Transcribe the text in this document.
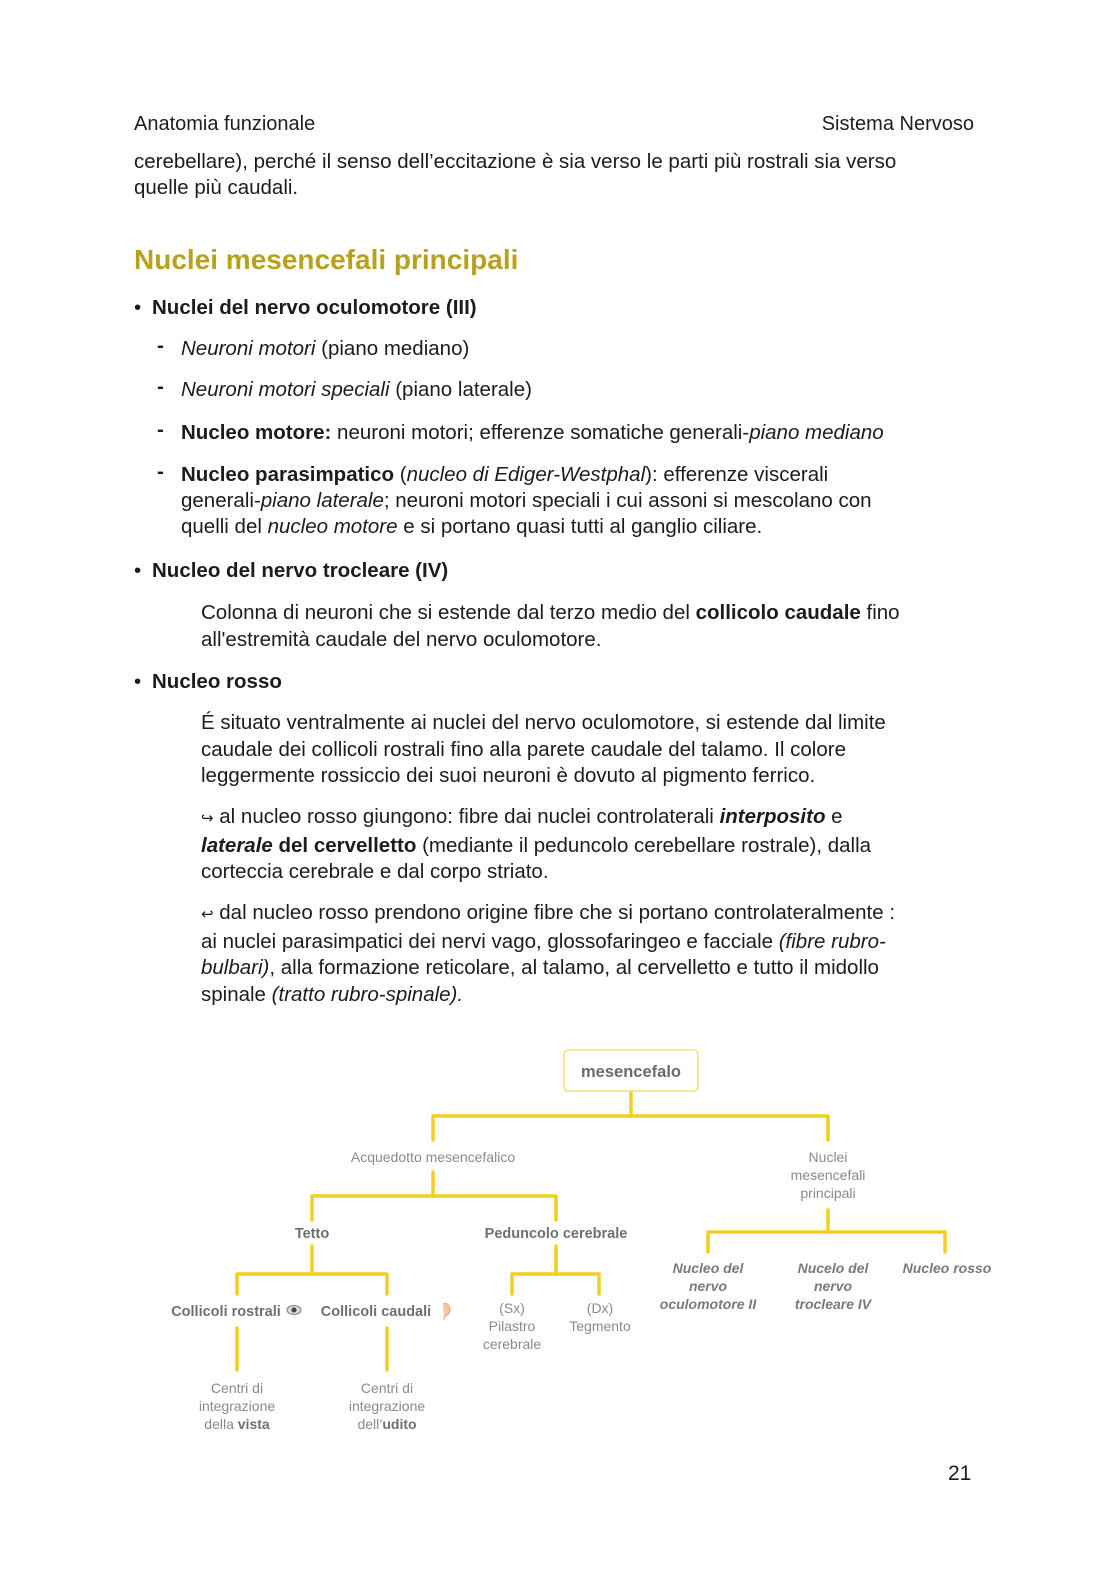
Anatomia funzionale	Sistema Nervoso
cerebellare), perché il senso dell’eccitazione è sia verso le parti più rostrali sia verso
quelle più caudali.
Nuclei mesencefali principali
• Nuclei del nervo oculomotore (III)
- Neuroni motori (piano mediano)
- Neuroni motori speciali (piano laterale)
- Nucleo motore: neuroni motori; efferenze somatiche generali-piano mediano
- Nucleo parasimpatico (nucleo di Ediger-Westphal): efferenze viscerali
generali-piano laterale; neuroni motori speciali i cui assoni si mescolano con
quelli del nucleo motore e si portano quasi tutti al ganglio ciliare.
• Nucleo del nervo trocleare (IV)
Colonna di neuroni che si estende dal terzo medio del collicolo caudale fino
all'estremità caudale del nervo oculomotore.
• Nucleo rosso
É situato ventralmente ai nuclei del nervo oculomotore, si estende dal limite
caudale dei collicoli rostrali fino alla parete caudale del talamo. Il colore
leggermente rossiccio dei suoi neuroni è dovuto al pigmento ferrico.
↪ al nucleo rosso giungono: fibre dai nuclei controlaterali interposito e
laterale del cervelletto (mediante il peduncolo cerebellare rostrale), dalla
corteccia cerebrale e dal corpo striato.
↩ dal nucleo rosso prendono origine fibre che si portano controlateralmente :
ai nuclei parasimpatici dei nervi vago, glossofaringeo e facciale (fibre rubro-
bulbari), alla formazione reticolare, al talamo, al cervelletto e tutto il midollo
spinale (tratto rubro-spinale).
mesencefalo
Acquedotto mesencefalico	Nuclei
mesencefali
principali
Tetto	Peduncolo cerebrale
Nucleo del
nervo
oculomotore II
Nucelo del
nervo
trocleare IV
Nucleo rosso
Collicoli rostrali	Collicoli caudali	(Sx)
Pilastro
cerebrale
(Dx)
Tegmento
Centri di
integrazione
della vista
Centri di
integrazione
dell’udito
21
